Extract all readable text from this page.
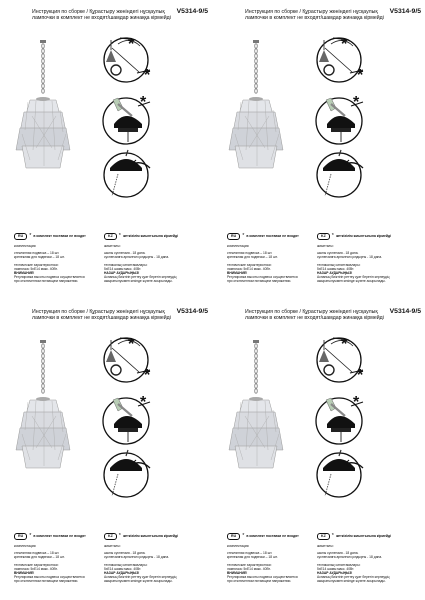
Инструкция по сборке / Құрастыру жөніндегі нұсқаулық V5314-9/5
лампочки в комплект не входят/шамдар жинаққа кірмейді
RU	* в комплект поставки не входят
комплектация:
стеклянная подвеска – 18 шт.
крепежная для подвески – 18 шт.
технические характеристики:
лампочка: 5xE14 макс. 40Вт.
ВНИМАНИЕ!
Регулировка высоты подвеса осуществляется
при отключенном питающем напряжении.
KZ	* жеткізілім жиынтығына кірмейді
жиынтығы:
шыны суспензия - 18 дана.
суспензияға арналған қондырғы - 18 дана.
техникалық сипаттамалары:
5xE14 шамы макс. 40Вт.
НАЗАР АУДАРЫҢЫЗ!
Аспаның биіктігін реттеу қуат беретін кернеудің
ажыратылуымен кезінде жүзеге асырылады.
Инструкция по сборке / Құрастыру жөніндегі нұсқаулық V5314-9/5
лампочки в комплект не входят/шамдар жинаққа кірмейді
RU	* в комплект поставки не входят
комплектация:
стеклянная подвеска – 18 шт.
крепежная для подвески – 18 шт.
технические характеристики:
лампочка: 5xE14 макс. 40Вт.
ВНИМАНИЕ!
Регулировка высоты подвеса осуществляется
при отключенном питающем напряжении.
KZ	* жеткізілім жиынтығына кірмейді
жиынтығы:
шыны суспензия - 18 дана.
суспензияға арналған қондырғы - 18 дана.
техникалық сипаттамалары:
5xE14 шамы макс. 40Вт.
НАЗАР АУДАРЫҢЫЗ!
Аспаның биіктігін реттеу қуат беретін кернеудің
ажыратылуымен кезінде жүзеге асырылады.
Инструкция по сборке / Құрастыру жөніндегі нұсқаулық V5314-9/5
лампочки в комплект не входят/шамдар жинаққа кірмейді
RU	* в комплект поставки не входят
комплектация:
стеклянная подвеска – 18 шт.
крепежная для подвески – 18 шт.
технические характеристики:
лампочка: 5xE14 макс. 40Вт.
ВНИМАНИЕ!
Регулировка высоты подвеса осуществляется
при отключенном питающем напряжении.
KZ	* жеткізілім жиынтығына кірмейді
жиынтығы:
шыны суспензия - 18 дана.
суспензияға арналған қондырғы - 18 дана.
техникалық сипаттамалары:
5xE14 шамы макс. 40Вт.
НАЗАР АУДАРЫҢЫЗ!
Аспаның биіктігін реттеу қуат беретін кернеудің
ажыратылуымен кезінде жүзеге асырылады.
Инструкция по сборке / Құрастыру жөніндегі нұсқаулық V5314-9/5
лампочки в комплект не входят/шамдар жинаққа кірмейді
RU	* в комплект поставки не входят
комплектация:
стеклянная подвеска – 18 шт.
крепежная для подвески – 18 шт.
технические характеристики:
лампочка: 5xE14 макс. 40Вт.
ВНИМАНИЕ!
Регулировка высоты подвеса осуществляется
при отключенном питающем напряжении.
KZ	* жеткізілім жиынтығына кірмейді
жиынтығы:
шыны суспензия - 18 дана.
суспензияға арналған қондырғы - 18 дана.
техникалық сипаттамалары:
5xE14 шамы макс. 40Вт.
НАЗАР АУДАРЫҢЫЗ!
Аспаның биіктігін реттеу қуат беретін кернеудің
ажыратылуымен кезінде жүзеге асырылады.
